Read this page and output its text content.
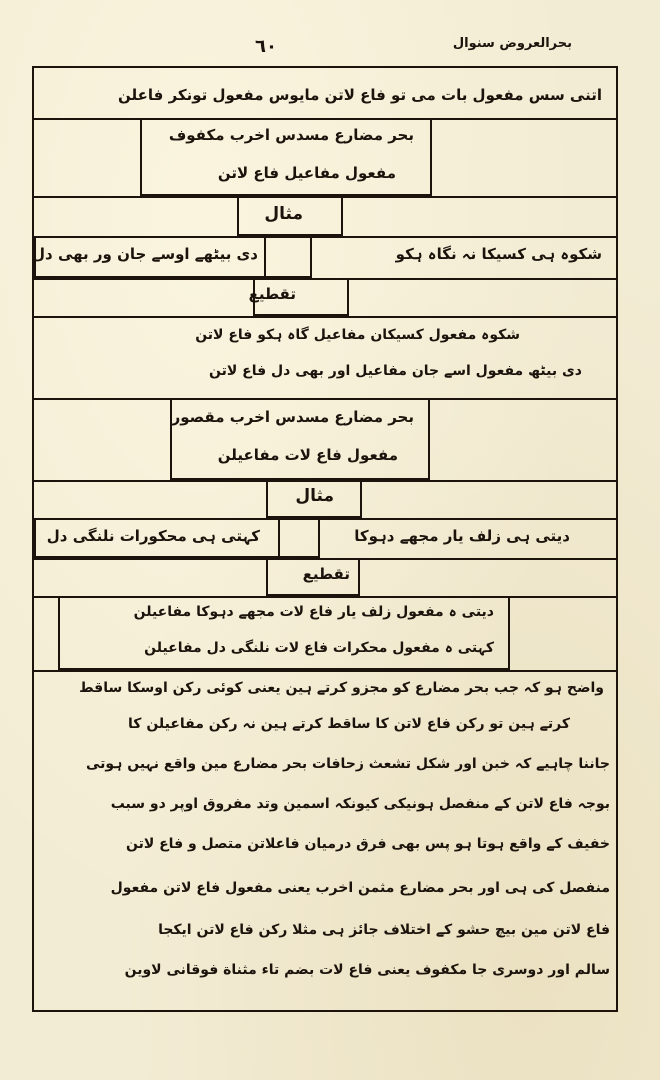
بحرالعروض سنوال
٦٠
اتنی سس مفعول بات می تو فاع لاتن مایوس مفعول تونکر فاعلن
بحر مضارع مسدس اخرب مکفوف
مفعول مفاعیل فاع لاتن
مثال
شکوہ ہی کسیکا نہ نگاہ ہکو
دی بیٹھے اوسے جان ور بھی دل
تقطیع
شکوہ مفعول کسیکان مفاعیل گاہ ہکو فاع لاتن
دی بیٹھ مفعول اسے جان مفاعیل اور بھی دل فاع لاتن
بحر مضارع مسدس اخرب مقصور
مفعول فاع لات مفاعیلن
مثال
دیتی ہی زلف یار مجھے دہوکا
کہتی ہی محکورات نلنگی دل
تقطیع
دیتی ہ مفعول زلف یار فاع لات مجھے دہوکا مفاعیلن
کہتی ہ مفعول محکرات فاع لات نلنگی دل مفاعیلن
واضح ہو کہ جب بحر مضارع کو مجزو کرتے ہین یعنی کوئی رکن اوسکا ساقط
کرتے ہین تو رکن فاع لاتن کا ساقط کرتے ہین نہ رکن مفاعیلن کا
جاننا چاہیے کہ خبن اور شکل تشعث زحافات بحر مضارع مین واقع نہیں ہوتی
بوجہ فاع لاتن کے منفصل ہونیکی کیونکہ اسمین وتد مفروق اوپر دو سبب
خفیف کے واقع ہوتا ہو پس بھی فرق درمیان فاعلاتن متصل و فاع لاتن
منفصل کی ہی اور بحر مضارع مثمن اخرب یعنی مفعول فاع لاتن مفعول
فاع لاتن مین بیچ حشو کے اختلاف جائز ہی مثلا رکن فاع لاتن ایکجا
سالم اور دوسری جا مکفوف یعنی فاع لات بضم تاء مثناة فوقانی لاوین
